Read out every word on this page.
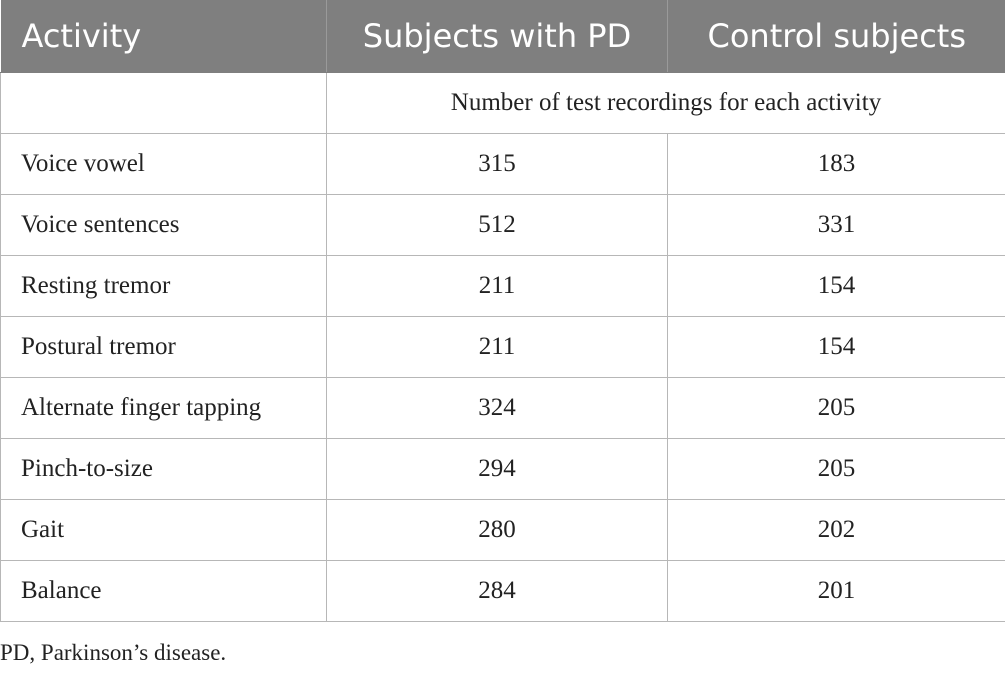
Activity	Subjects with PD	Control subjects
	Number of test recordings for each activity	
Voice vowel	315	183
Voice sentences	512	331
Resting tremor	211	154
Postural tremor	211	154
Alternate finger tapping	324	205
Pinch-to-size	294	205
Gait	280	202
Balance	284	201

PD, Parkinson’s disease.
